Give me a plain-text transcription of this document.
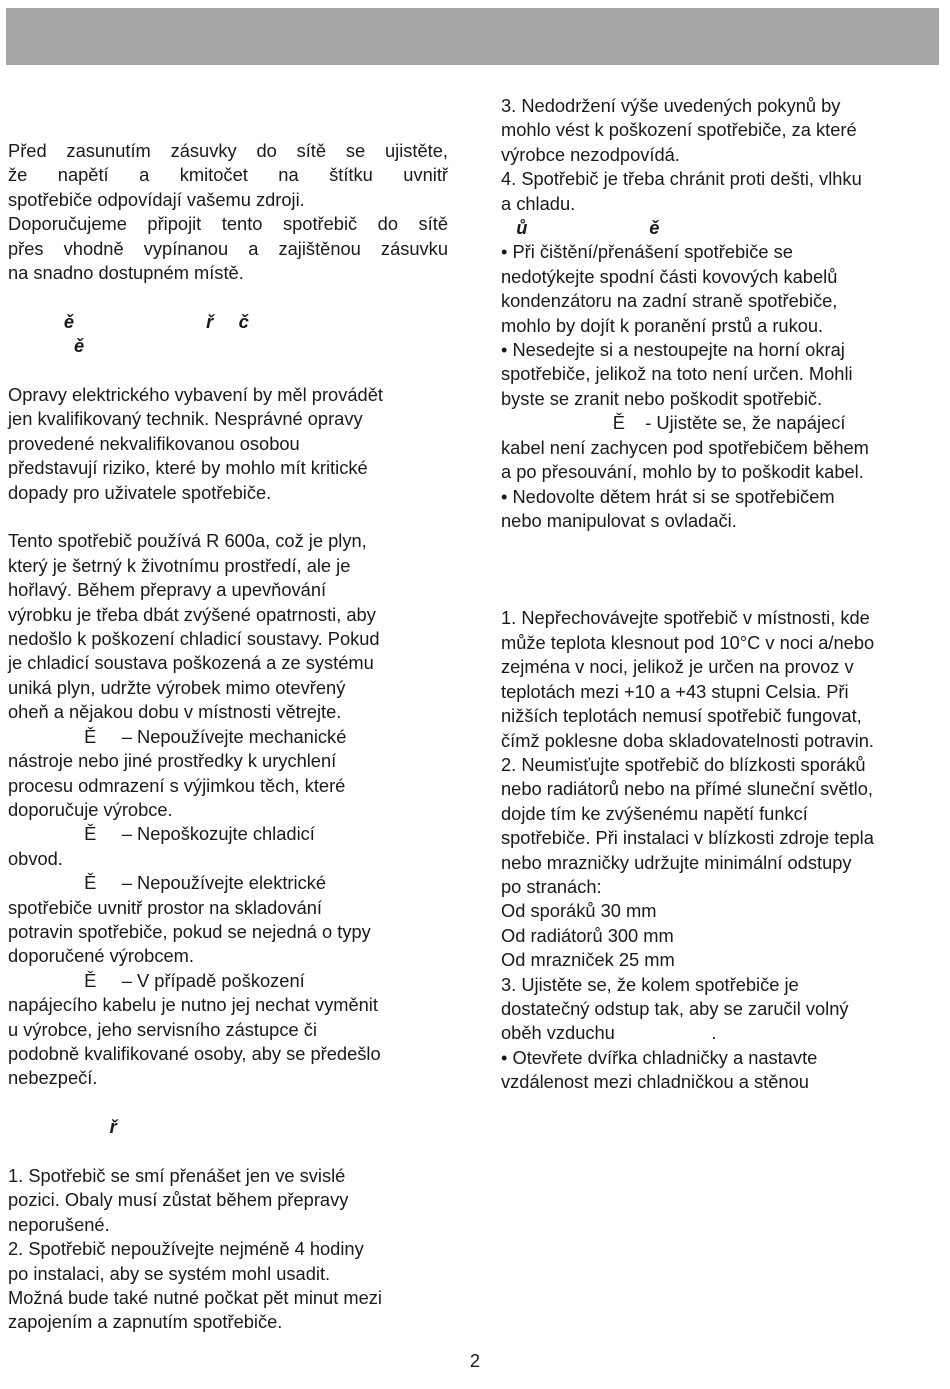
Před zasunutím zásuvky do sítě se ujistěte,

že napětí a kmitočet na štítku uvnitř

spotřebiče odpovídají vašemu zdroji.

Doporučujeme připojit tento spotřebič do sítě

přes vhodně vypínanou a zajištěnou zásuvku

na snadno dostupném místě.

ě                          ř     č

ě

Opravy elektrického vybavení by měl provádět

jen kvalifikovaný technik. Nesprávné opravy

provedené nekvalifikovanou osobou

představují riziko, které by mohlo mít kritické

dopady pro uživatele spotřebiče.

Tento spotřebič používá R 600a, což je plyn,

který je šetrný k životnímu prostředí, ale je

hořlavý. Během přepravy a upevňování

výrobku je třeba dbát zvýšené opatrnosti, aby

nedošlo k poškození chladicí soustavy. Pokud

je chladicí soustava poškozená a ze systému

uniká plyn, udržte výrobek mimo otevřený

oheň a nějakou dobu v místnosti větrejte.

Ě     – Nepoužívejte mechanické

nástroje nebo jiné prostředky k urychlení

procesu odmrazení s výjimkou těch, které

doporučuje výrobce.

Ě     – Nepoškozujte chladicí

obvod.

Ě     – Nepoužívejte elektrické

spotřebiče uvnitř prostor na skladování

potravin spotřebiče, pokud se nejedná o typy

doporučené výrobcem.

Ě     – V případě poškození

napájecího kabelu je nutno jej nechat vyměnit

u výrobce, jeho servisního zástupce či

podobně kvalifikované osoby, aby se předešlo

nebezpečí.

ř

1. Spotřebič se smí přenášet jen ve svislé

pozici. Obaly musí zůstat během přepravy

neporušené.

2. Spotřebič nepoužívejte nejméně 4 hodiny

po instalaci, aby se systém mohl usadit.

Možná bude také nutné počkat pět minut mezi

zapojením a zapnutím spotřebiče.

3. Nedodržení výše uvedených pokynů by

mohlo vést k poškození spotřebiče, za které

výrobce nezodpovídá.

4. Spotřebič je třeba chránit proti dešti, vlhku

a chladu.

ů                        ě

• Při čištění/přenášení spotřebiče se

nedotýkejte spodní části kovových kabelů

kondenzátoru na zadní straně spotřebiče,

mohlo by dojít k poranění prstů a rukou.

• Nesedejte si a nestoupejte na horní okraj

spotřebiče, jelikož na toto není určen. Mohli

byste se zranit nebo poškodit spotřebič.

Ě    - Ujistěte se, že napájecí

kabel není zachycen pod spotřebičem během

a po přesouvání, mohlo by to poškodit kabel.

• Nedovolte dětem hrát si se spotřebičem

nebo manipulovat s ovladači.

1. Nepřechovávejte spotřebič v místnosti, kde

může teplota klesnout pod 10°C v noci a/nebo

zejména v noci, jelikož je určen na provoz v

teplotách mezi +10 a +43 stupni Celsia. Při

nižších teplotách nemusí spotřebič fungovat,

čímž poklesne doba skladovatelnosti potravin.

2. Neumisťujte spotřebič do blízkosti sporáků

nebo radiátorů nebo na přímé sluneční světlo,

dojde tím ke zvýšenému napětí funkcí

spotřebiče. Při instalaci v blízkosti zdroje tepla

nebo mrazničky udržujte minimální odstupy

po stranách:

Od sporáků 30 mm

Od radiátorů 300 mm

Od mrazniček 25 mm

3. Ujistěte se, že kolem spotřebiče je

dostatečný odstup tak, aby se zaručil volný

oběh vzduchu                   .

• Otevřete dvířka chladničky a nastavte

vzdálenost mezi chladničkou a stěnou

2
